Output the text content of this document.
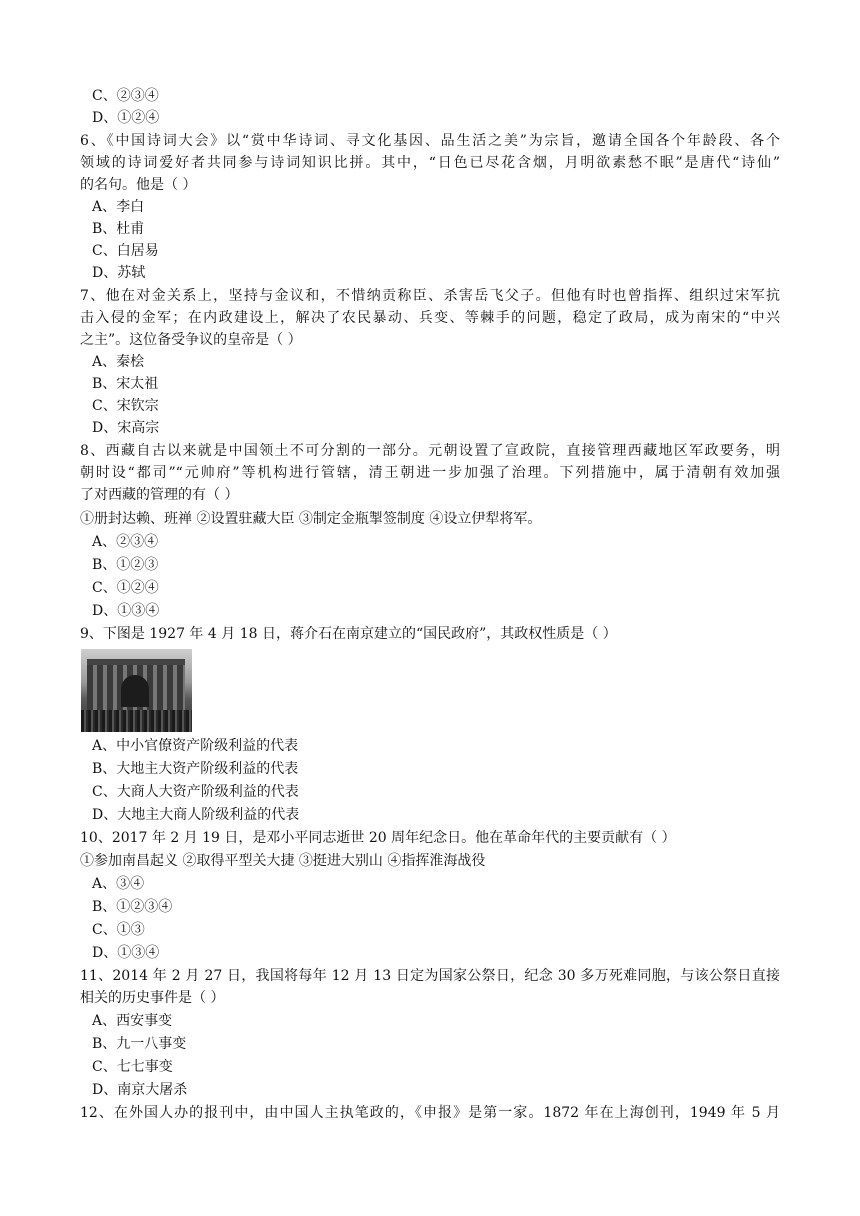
C、②③④
D、①②④
6、《中国诗词大会》以“赏中华诗词、寻文化基因、品生活之美”为宗旨，邀请全国各个年龄段、各个
领域的诗词爱好者共同参与诗词知识比拼。其中，“日色已尽花含烟，月明欲素愁不眠”是唐代“诗仙”
的名句。他是（ ）
A、李白
B、杜甫
C、白居易
D、苏轼
7、他在对金关系上，坚持与金议和，不惜纳贡称臣、杀害岳飞父子。但他有时也曾指挥、组织过宋军抗
击入侵的金军；在内政建设上，解决了农民暴动、兵变、等棘手的问题，稳定了政局，成为南宋的“中兴
之主”。这位备受争议的皇帝是（ ）
A、秦桧
B、宋太祖
C、宋钦宗
D、宋高宗
8、西藏自古以来就是中国领土不可分割的一部分。元朝设置了宣政院，直接管理西藏地区军政要务，明
朝时设“都司”“元帅府”等机构进行管辖，清王朝进一步加强了治理。下列措施中，属于清朝有效加强
了对西藏的管理的有（ ）
①册封达赖、班禅 ②设置驻藏大臣 ③制定金瓶掣签制度 ④设立伊犁将军。
A、②③④
B、①②③
C、①②④
D、①③④
9、下图是 1927 年 4 月 18 日，蒋介石在南京建立的“国民政府”，其政权性质是（ ）
A、中小官僚资产阶级利益的代表
B、大地主大资产阶级利益的代表
C、大商人大资产阶级利益的代表
D、大地主大商人阶级利益的代表
10、2017 年 2 月 19 日，是邓小平同志逝世 20 周年纪念日。他在革命年代的主要贡献有（ ）
①参加南昌起义 ②取得平型关大捷 ③挺进大别山 ④指挥淮海战役
A、③④
B、①②③④
C、①③
D、①③④
11、2014 年 2 月 27 日，我国将每年 12 月 13 日定为国家公祭日，纪念 30 多万死难同胞，与该公祭日直接
相关的历史事件是（ ）
A、西安事变
B、九一八事变
C、七七事变
D、南京大屠杀
12、在外国人办的报刊中，由中国人主执笔政的，《申报》是第一家。1872 年在上海创刊，1949 年 5 月
